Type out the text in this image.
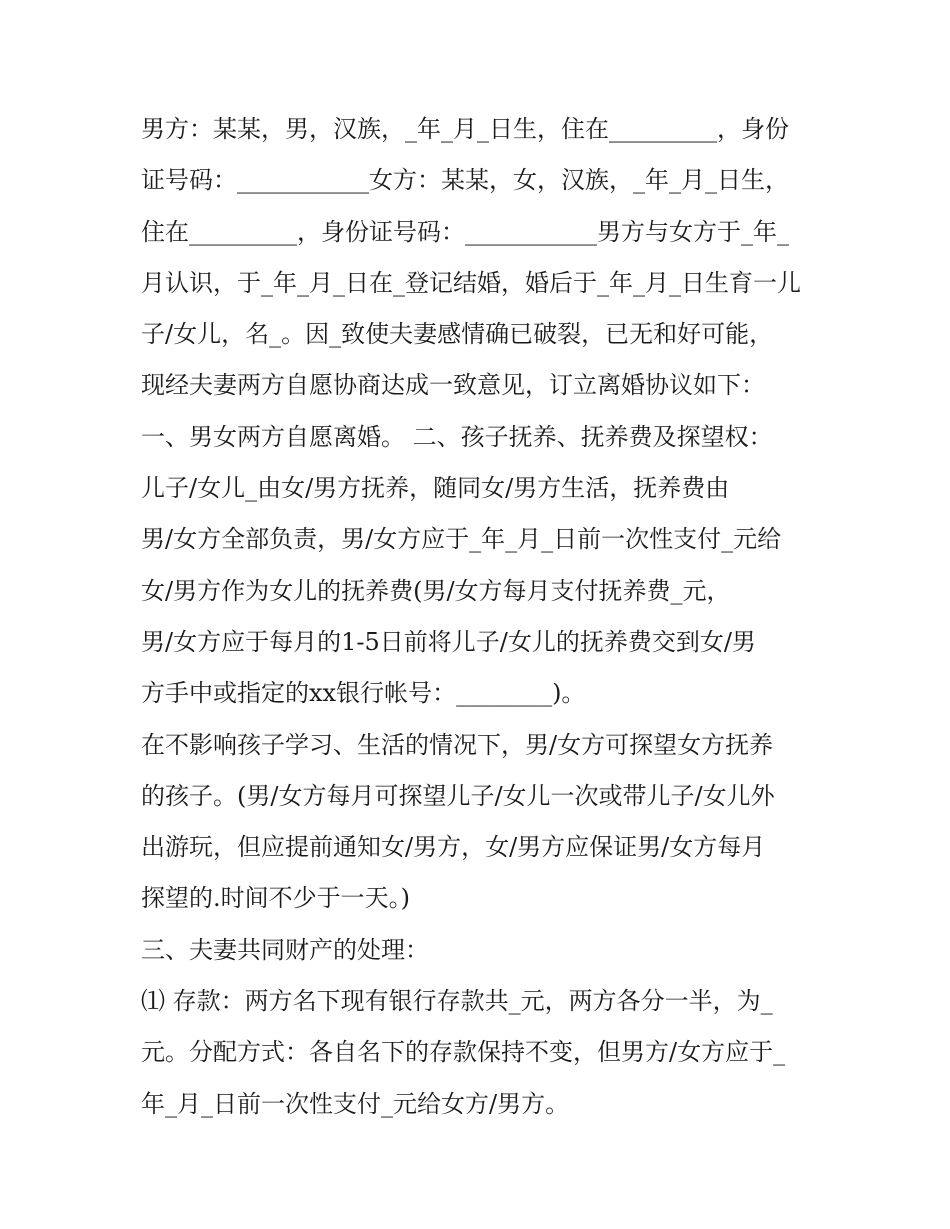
男方：某某，男，汉族，_年_月_日生，住在_________，身份
证号码：___________女方：某某，女，汉族，_年_月_日生，
住在_________，身份证号码：___________男方与女方于_年_
月认识，于_年_月_日在_登记结婚，婚后于_年_月_日生育一儿
子/女儿，名_。因_致使夫妻感情确已破裂，已无和好可能，
现经夫妻两方自愿协商达成一致意见，订立离婚协议如下：
一、男女两方自愿离婚。 二、孩子抚养、抚养费及探望权：
儿子/女儿_由女/男方抚养，随同女/男方生活，抚养费由
男/女方全部负责，男/女方应于_年_月_日前一次性支付_元给
女/男方作为女儿的抚养费(男/女方每月支付抚养费_元，
男/女方应于每月的1-5日前将儿子/女儿的抚养费交到女/男
方手中或指定的xx银行帐号：________)。
在不影响孩子学习、生活的情况下，男/女方可探望女方抚养
的孩子。(男/女方每月可探望儿子/女儿一次或带儿子/女儿外
出游玩，但应提前通知女/男方，女/男方应保证男/女方每月
探望的.时间不少于一天。)
三、夫妻共同财产的处理：
⑴ 存款：两方名下现有银行存款共_元，两方各分一半，为_
元。分配方式：各自名下的存款保持不变，但男方/女方应于_
年_月_日前一次性支付_元给女方/男方。
